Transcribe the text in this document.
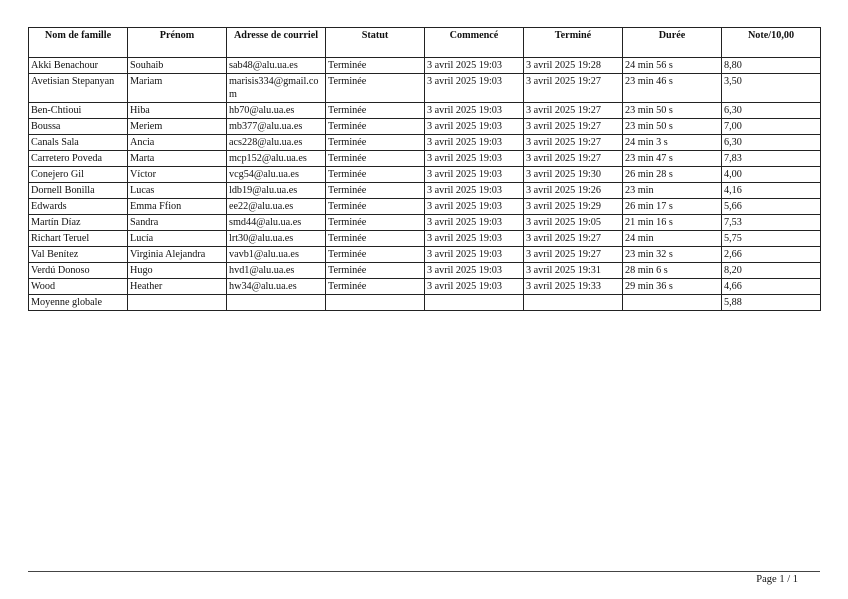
Nom de famille	Prénom	Adresse de courriel	Statut	Commencé	Terminé	Durée	Note/10,00
Akki Benachour	Souhaib	sab48@alu.ua.es	Terminée	3 avril 2025 19:03	3 avril 2025 19:28	24 min 56 s	8,80
Avetisian Stepanyan	Mariam	marisis334@gmail.com	Terminée	3 avril 2025 19:03	3 avril 2025 19:27	23 min 46 s	3,50
Ben-Chtioui	Hiba	hb70@alu.ua.es	Terminée	3 avril 2025 19:03	3 avril 2025 19:27	23 min 50 s	6,30
Boussa	Meriem	mb377@alu.ua.es	Terminée	3 avril 2025 19:03	3 avril 2025 19:27	23 min 50 s	7,00
Canals Sala	Ancia	acs228@alu.ua.es	Terminée	3 avril 2025 19:03	3 avril 2025 19:27	24 min 3 s	6,30
Carretero Poveda	Marta	mcp152@alu.ua.es	Terminée	3 avril 2025 19:03	3 avril 2025 19:27	23 min 47 s	7,83
Conejero Gil	Víctor	vcg54@alu.ua.es	Terminée	3 avril 2025 19:03	3 avril 2025 19:30	26 min 28 s	4,00
Dornell Bonilla	Lucas	ldb19@alu.ua.es	Terminée	3 avril 2025 19:03	3 avril 2025 19:26	23 min	4,16
Edwards	Emma Ffion	ee22@alu.ua.es	Terminée	3 avril 2025 19:03	3 avril 2025 19:29	26 min 17 s	5,66
Martín Díaz	Sandra	smd44@alu.ua.es	Terminée	3 avril 2025 19:03	3 avril 2025 19:05	21 min 16 s	7,53
Richart Teruel	Lucía	lrt30@alu.ua.es	Terminée	3 avril 2025 19:03	3 avril 2025 19:27	24 min	5,75
Val Benítez	Virginia Alejandra	vavb1@alu.ua.es	Terminée	3 avril 2025 19:03	3 avril 2025 19:27	23 min 32 s	2,66
Verdú Donoso	Hugo	hvd1@alu.ua.es	Terminée	3 avril 2025 19:03	3 avril 2025 19:31	28 min 6 s	8,20
Wood	Heather	hw34@alu.ua.es	Terminée	3 avril 2025 19:03	3 avril 2025 19:33	29 min 36 s	4,66
Moyenne globale							5,88
Page 1 / 1
